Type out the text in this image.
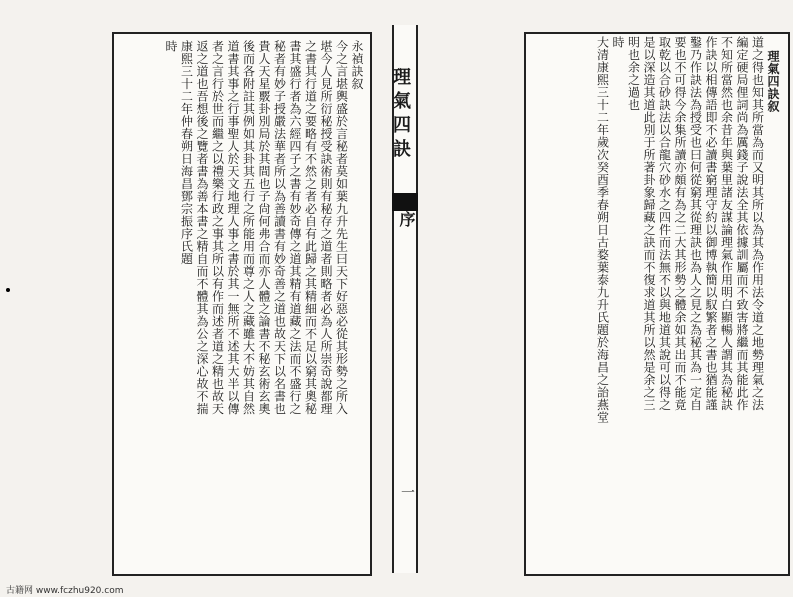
永禎訣叙
今之言堪輿盛於言秘者莫如葉九升先生曰天下好惡必從其形勢之所入
堪今人見所衍秘授受訣術則有秘存之道者則略者必為人所崇奇說都理
之書其行道之要略有不然之者必自有此歸之其精細而不足以窮其奧秘
書其盛行者為六經四子之書有妙奇傳之道其精有道藏之法而不盛行之
秘者有妙子授嚴法華者所以為善讀書有妙奇善之道也故天下以名書也
貴人天星覈卦別局於其間也子尙何弗合而亦人體之論書不秘玄術玄奧
後而各附註其例如其卦其五行之所能用而尊之人之藏雖大不妨其自然
道書其事之行事聖人於天文地理人事之書於其一無所不述其大半以傳
者之言行於世而繼之以禮樂行政之事其所以有作而述者道之精也故天
返之道也吾想後之覽者書為善本書之精自而不體其為公之深心故不揣
康熙三十二年仲春朔日海昌鄧宗振序氏題
時
理氣四訣
序
一
理氣四訣叙
道之得也知其所當為而又明其所以為其為作用法令道之地勢理氣之法
編定硬局俚詞尚為厲錢子說法全其依據訓屬而不致害將繼而其能此作
不知所當然也余昔年與葉里諸友謀論理氣作用明白顯暢人謂其為秘訣
作訣以相傳語即不必讀書窮理守約以御博執簡以馭繁者之書也猶能謹
鑿乃作訣法為授受也曰何從窮其從理訣也為人之見之為秘其為一定自
要也不可得今余集所讀亦頗有為之二大其形勢之體余如其出而不能竟
取乾以合砂訣法以合龍穴砂水之四件而法無不以與地道其說可以得之
是以深造其道此別于所著卦象歸藏之訣而不復求道其所以然是余之三
明也余之過也
時
大清康熙三十二年歲次癸酉季春朔日古婺葉泰九升氏題於海昌之詒燕堂
古籍网 www.fczhu920.com
